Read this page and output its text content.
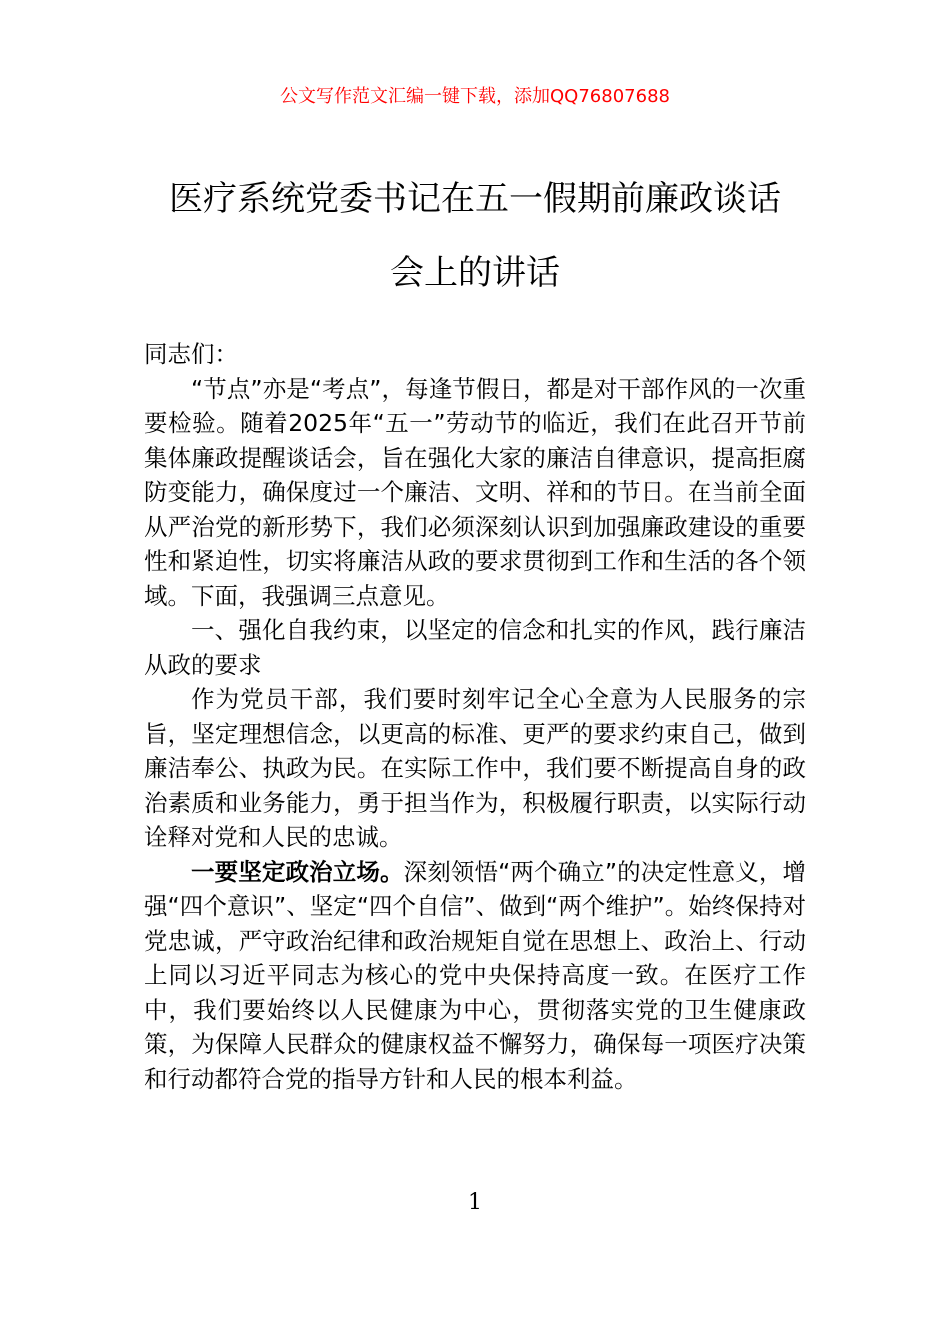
公文写作范文汇编一键下载，添加QQ76807688
医疗系统党委书记在五一假期前廉政谈话
会上的讲话

同志们：

“节点”亦是“考点”，每逢节假日，都是对干部作风的一次重要检验。随着2025年“五一”劳动节的临近，我们在此召开节前集体廉政提醒谈话会，旨在强化大家的廉洁自律意识，提高拒腐防变能力，确保度过一个廉洁、文明、祥和的节日。在当前全面从严治党的新形势下，我们必须深刻认识到加强廉政建设的重要性和紧迫性，切实将廉洁从政的要求贯彻到工作和生活的各个领域。下面，我强调三点意见。

一、强化自我约束，以坚定的信念和扎实的作风，践行廉洁从政的要求

作为党员干部，我们要时刻牢记全心全意为人民服务的宗旨，坚定理想信念，以更高的标准、更严的要求约束自己，做到廉洁奉公、执政为民。在实际工作中，我们要不断提高自身的政治素质和业务能力，勇于担当作为，积极履行职责，以实际行动诠释对党和人民的忠诚。

一要坚定政治立场。深刻领悟“两个确立”的决定性意义，增强“四个意识”、坚定“四个自信”、做到“两个维护”。始终保持对党忠诚，严守政治纪律和政治规矩自觉在思想上、政治上、行动上同以习近平同志为核心的党中央保持高度一致。在医疗工作中，我们要始终以人民健康为中心，贯彻落实党的卫生健康政策，为保障人民群众的健康权益不懈努力，确保每一项医疗决策和行动都符合党的指导方针和人民的根本利益。

1
